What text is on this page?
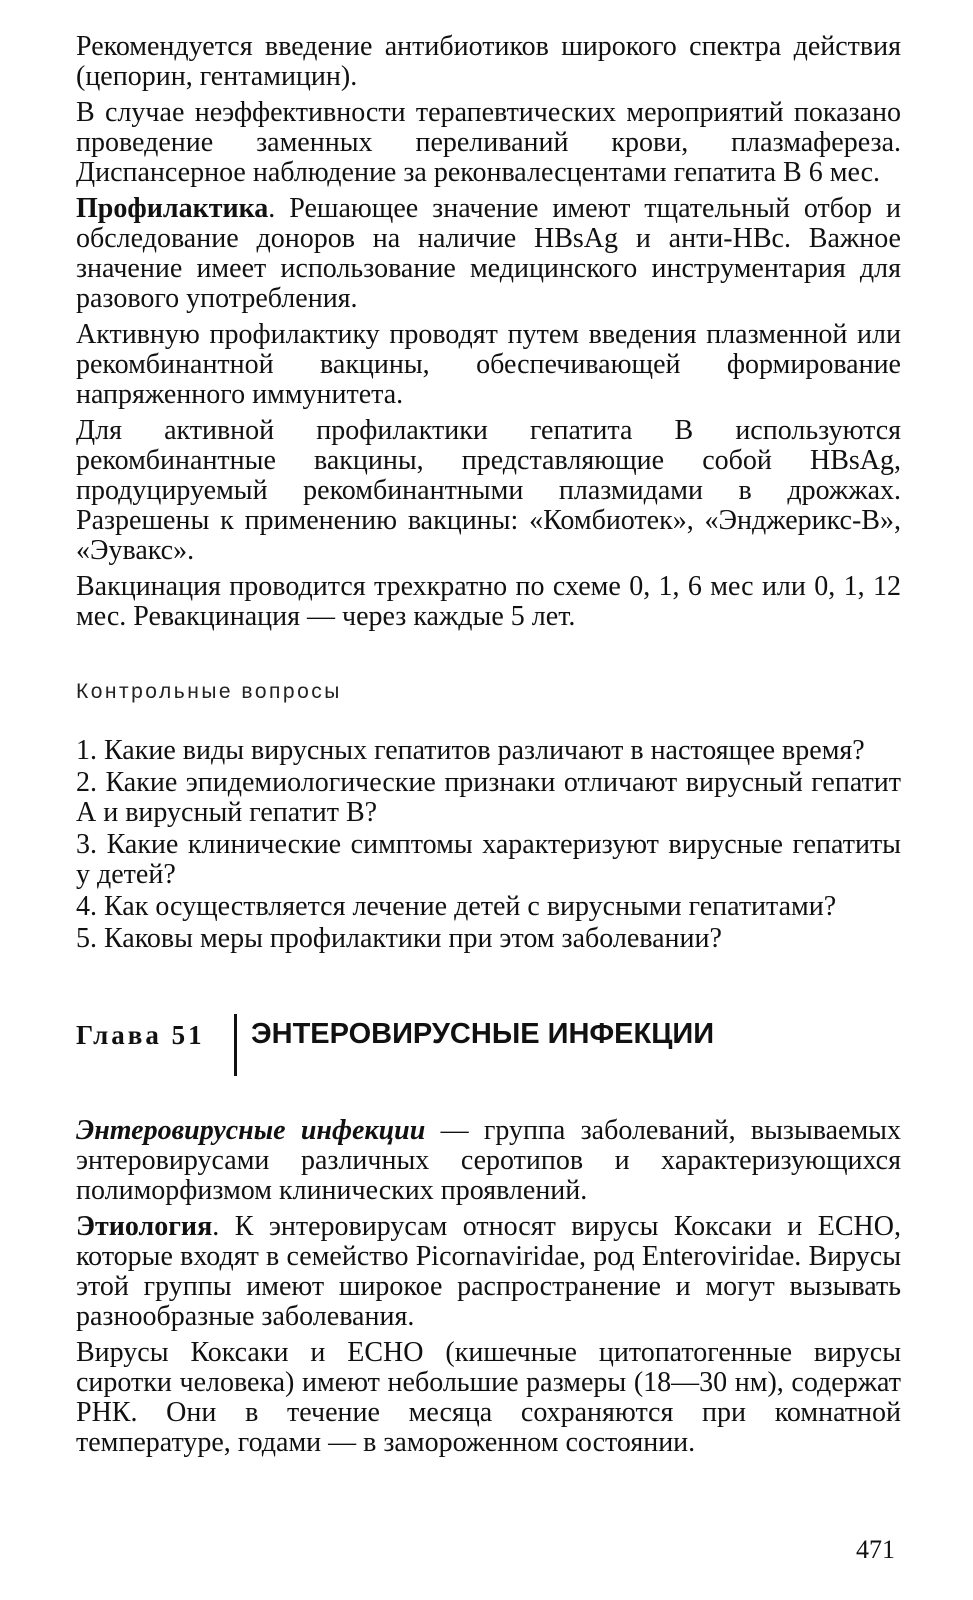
Рекомендуется введение антибиотиков широкого спектра действия (цепорин, гентамицин).

В случае неэффективности терапевтических мероприятий показано проведение заменных переливаний крови, плазмафереза. Диспансерное наблюдение за реконвалесцентами гепатита В 6 мес.

Профилактика. Решающее значение имеют тщательный отбор и обследование доноров на наличие HBsAg и анти-HBc. Важное значение имеет использование медицинского инструментария для разового употребления.

Активную профилактику проводят путем введения плазменной или рекомбинантной вакцины, обеспечивающей формирование напряженного иммунитета.

Для активной профилактики гепатита В используются рекомбинантные вакцины, представляющие собой HBsAg, продуцируемый рекомбинантными плазмидами в дрожжах. Разрешены к применению вакцины: «Комбиотек», «Энджерикс-В», «Эувакс».

Вакцинация проводится трехкратно по схеме 0, 1, 6 мес или 0, 1, 12 мес. Ревакцинация — через каждые 5 лет.

Контрольные вопросы
1. Какие виды вирусных гепатитов различают в настоящее время?
2. Какие эпидемиологические признаки отличают вирусный гепатит А и вирусный гепатит В?
3. Какие клинические симптомы характеризуют вирусные гепатиты у детей?
4. Как осуществляется лечение детей с вирусными гепатитами?
5. Каковы меры профилактики при этом заболевании?
Глава 51	ЭНТЕРОВИРУСНЫЕ ИНФЕКЦИИ

Энтеровирусные инфекции — группа заболеваний, вызываемых энтеровирусами различных серотипов и характеризующихся полиморфизмом клинических проявлений.

Этиология. К энтеровирусам относят вирусы Коксаки и ECHO, которые входят в семейство Picornaviridae, род Enteroviridae. Вирусы этой группы имеют широкое распространение и могут вызывать разнообразные заболевания.

Вирусы Коксаки и ECHO (кишечные цитопатогенные вирусы сиротки человека) имеют небольшие размеры (18—30 нм), содержат РНК. Они в течение месяца сохраняются при комнатной температуре, годами — в замороженном состоянии.

471
